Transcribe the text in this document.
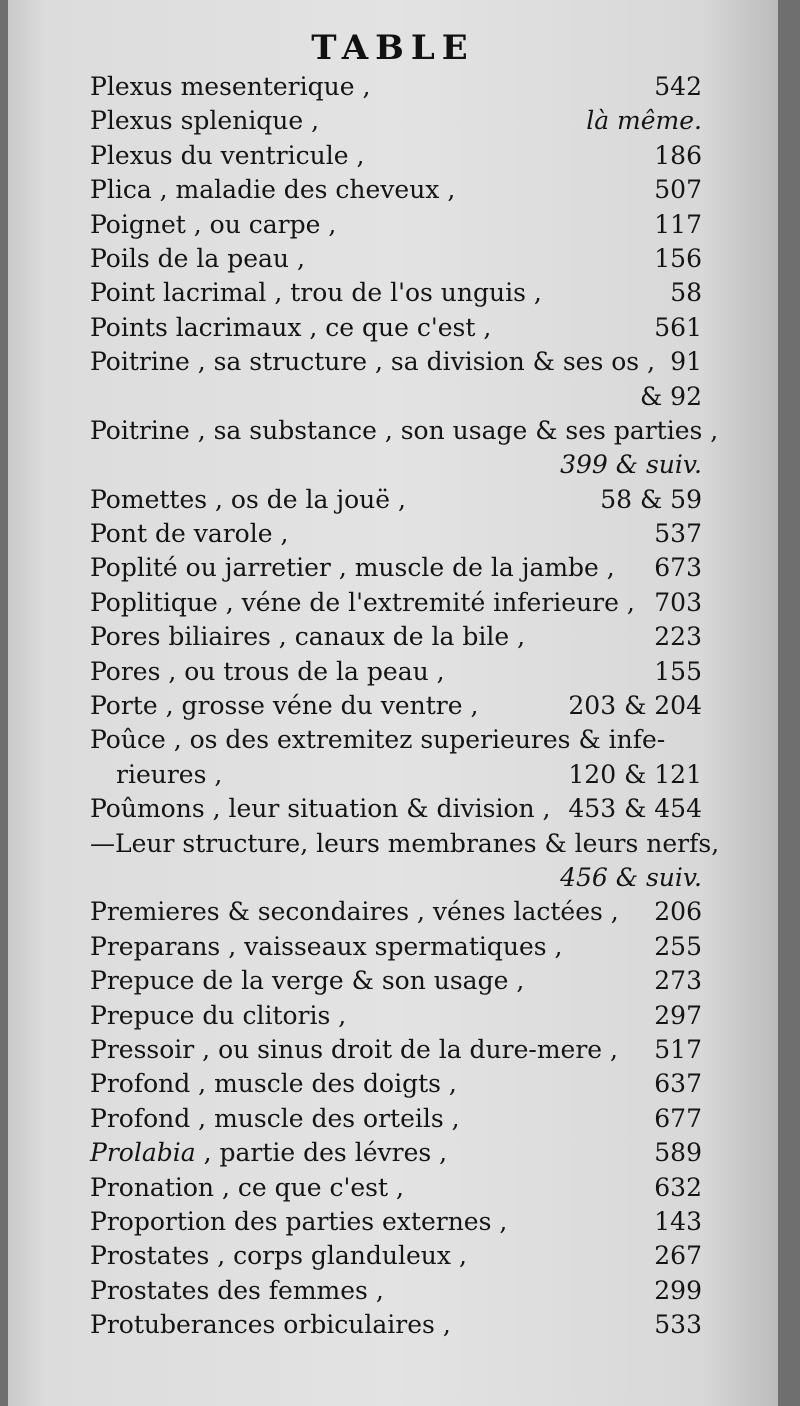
TABLE
Plexus mesenterique ,	542
Plexus splenique ,	là même.
Plexus du ventricule ,	186
Plica , maladie des cheveux ,	507
Poignet , ou carpe ,	117
Poils de la peau ,	156
Point lacrimal , trou de l'os unguis ,	58
Points lacrimaux , ce que c'est ,	561
Poitrine , sa structure , sa division & ses os , 91
& 92
Poitrine , sa substance , son usage & ses parties ,
399 & suiv.
Pomettes , os de la jouë ,	58 & 59
Pont de varole ,	537
Poplité ou jarretier , muscle de la jambe , 673
Poplitique , véne de l'extremité inferieure , 703
Pores biliaires , canaux de la bile ,	223
Pores , ou trous de la peau ,	155
Porte , grosse véne du ventre ,	203 & 204
Poûce , os des extremitez superieures & infe-
rieures ,	120 & 121
Poûmons , leur situation & division , 453 & 454
—Leur structure, leurs membranes & leurs nerfs,
456 & suiv.
Premieres & secondaires , vénes lactées , 206
Preparans , vaisseaux spermatiques ,	255
Prepuce de la verge & son usage ,	273
Prepuce du clitoris ,	297
Pressoir , ou sinus droit de la dure-mere , 517
Profond , muscle des doigts ,	637
Profond , muscle des orteils ,	677
Prolabia , partie des lévres ,	589
Pronation , ce que c'est ,	632
Proportion des parties externes ,	143
Prostates , corps glanduleux ,	267
Prostates des femmes ,	299
Protuberances orbiculaires ,	533
